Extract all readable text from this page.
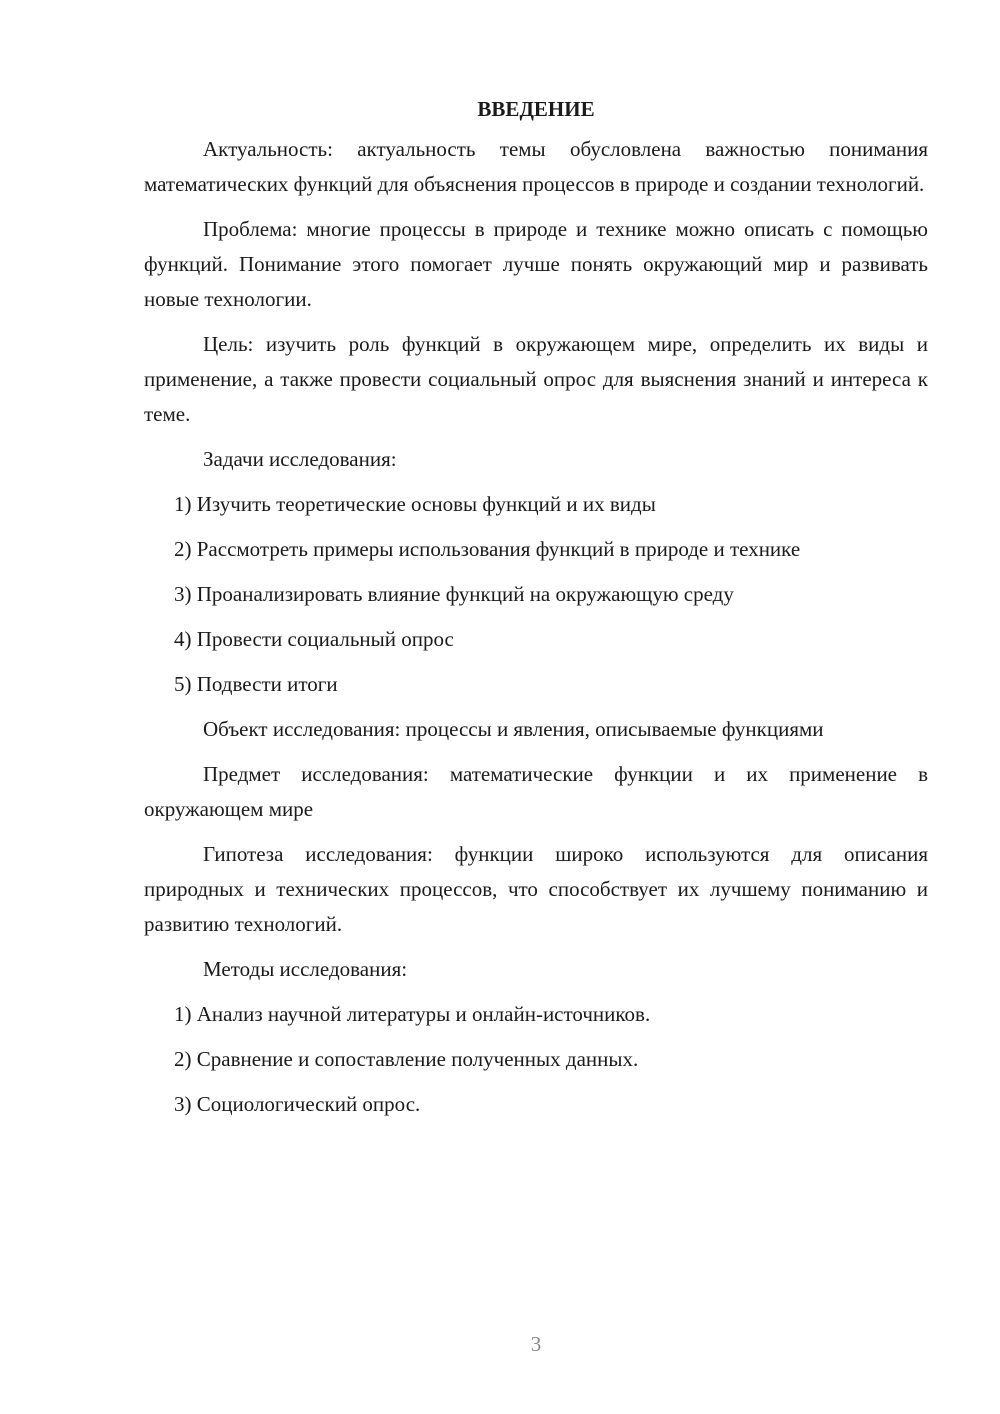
ВВЕДЕНИЕ

Актуальность: актуальность темы обусловлена важностью понимания математических функций для объяснения процессов в природе и создании технологий.

Проблема: многие процессы в природе и технике можно описать с помощью функций. Понимание этого помогает лучше понять окружающий мир и развивать новые технологии.

Цель: изучить роль функций в окружающем мире, определить их виды и применение, а также провести социальный опрос для выяснения знаний и интереса к теме.

Задачи исследования:

1) Изучить теоретические основы функций и их виды

2) Рассмотреть примеры использования функций в природе и технике

3) Проанализировать влияние функций на окружающую среду

4) Провести социальный опрос

5) Подвести итоги

Объект исследования: процессы и явления, описываемые функциями

Предмет исследования: математические функции и их применение в окружающем мире

Гипотеза исследования: функции широко используются для описания природных и технических процессов, что способствует их лучшему пониманию и развитию технологий.

Методы исследования:

1) Анализ научной литературы и онлайн-источников.

2) Сравнение и сопоставление полученных данных.

3) Социологический опрос.

3
